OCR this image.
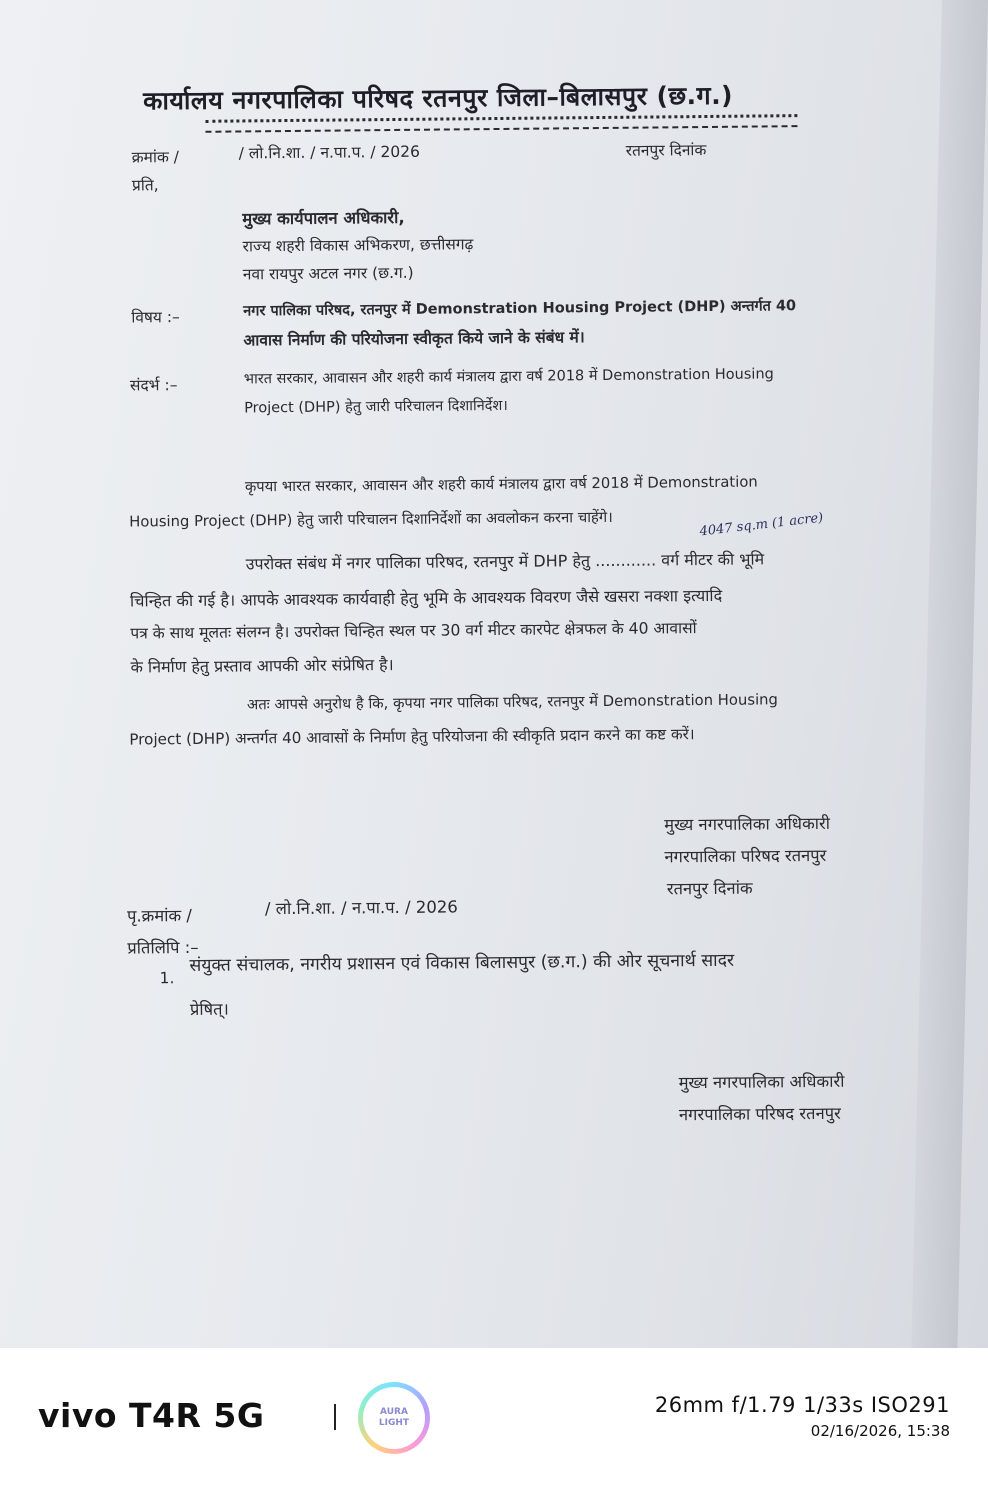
कार्यालय नगरपालिका परिषद रतनपुर जिला–बिलासपुर (छ.ग.)
क्रमांक /	/ लो.नि.शा. / न.पा.प. / 2026	रतनपुर दिनांक
प्रति,
मुख्य कार्यपालन अधिकारी,
राज्य शहरी विकास अभिकरण, छत्तीसगढ़
नवा रायपुर अटल नगर (छ.ग.)
विषय :–	नगर पालिका परिषद, रतनपुर में Demonstration Housing Project (DHP) अन्तर्गत 40
आवास निर्माण की परियोजना स्वीकृत किये जाने के संबंध में।
संदर्भ :–	भारत सरकार, आवासन और शहरी कार्य मंत्रालय द्वारा वर्ष 2018 में Demonstration Housing
Project (DHP) हेतु जारी परिचालन दिशानिर्देश।
कृपया भारत सरकार, आवासन और शहरी कार्य मंत्रालय द्वारा वर्ष 2018 में Demonstration
Housing Project (DHP) हेतु जारी परिचालन दिशानिर्देशों का अवलोकन करना चाहेंगे।	4047 sq.m (1 acre)
उपरोक्त संबंध में नगर पालिका परिषद, रतनपुर में DHP हेतु ............ वर्ग मीटर की भूमि
चिन्हित की गई है। आपके आवश्यक कार्यवाही हेतु भूमि के आवश्यक विवरण जैसे खसरा नक्शा इत्यादि
पत्र के साथ मूलतः संलग्न है। उपरोक्त चिन्हित स्थल पर 30 वर्ग मीटर कारपेट क्षेत्रफल के 40 आवासों
के निर्माण हेतु प्रस्ताव आपकी ओर संप्रेषित है।
अतः आपसे अनुरोध है कि, कृपया नगर पालिका परिषद, रतनपुर में Demonstration Housing
Project (DHP) अन्तर्गत 40 आवासों के निर्माण हेतु परियोजना की स्वीकृति प्रदान करने का कष्ट करें।
मुख्य नगरपालिका अधिकारी
नगरपालिका परिषद रतनपुर
रतनपुर दिनांक
पृ.क्रमांक /	/ लो.नि.शा. / न.पा.प. / 2026
प्रतिलिपि :–
1.
संयुक्त संचालक, नगरीय प्रशासन एवं विकास बिलासपुर (छ.ग.) की ओर सूचनार्थ सादर
प्रेषित्।
मुख्य नगरपालिका अधिकारी
नगरपालिका परिषद रतनपुर
vivo T4R 5G	AURA
LIGHT
26mm f/1.79 1/33s ISO291
02/16/2026, 15:38
